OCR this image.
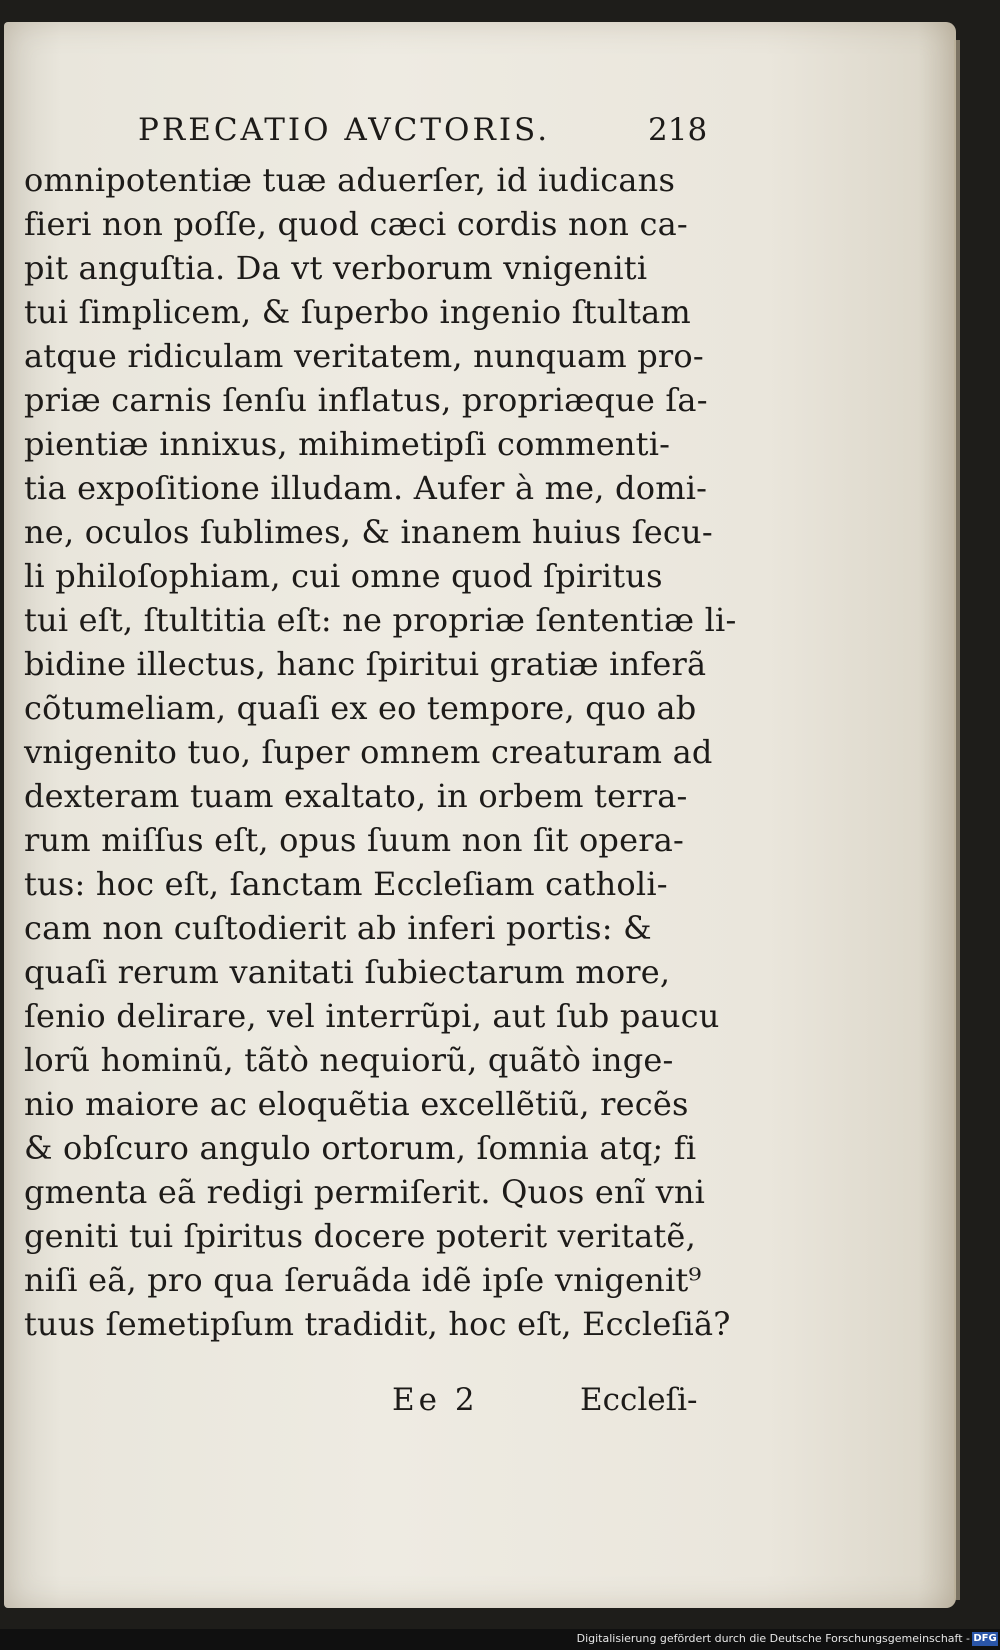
PRECATIO AVCTORIS.	218
omnipotentiæ tuæ aduerſer, id iudicans
fieri non poſſe, quod cæci cordis non ca-
pit anguſtia. Da vt verborum vnigeniti
tui ſimplicem, & ſuperbo ingenio ſtultam
atque ridiculam veritatem, nunquam pro-
priæ carnis ſenſu inflatus, propriæque ſa-
pientiæ innixus, mihimetipſi commenti-
tia expoſitione illudam. Aufer à me, domi-
ne, oculos ſublimes, & inanem huius ſecu-
li philoſophiam, cui omne quod ſpiritus
tui eſt, ſtultitia eſt: ne propriæ ſententiæ li-
bidine illectus, hanc ſpiritui gratiæ inferã
cõtumeliam, quaſi ex eo tempore, quo ab
vnigenito tuo, ſuper omnem creaturam ad
dexteram tuam exaltato, in orbem terra-
rum miſſus eſt, opus ſuum non ſit opera-
tus: hoc eſt, ſanctam Eccleſiam catholi-
cam non cuſtodierit ab inferi portis: &
quaſi rerum vanitati ſubiectarum more,
ſenio delirare, vel interrũpi, aut ſub paucu
lorũ hominũ, tãtò nequiorũ, quãtò inge-
nio maiore ac eloquẽtia excellẽtiũ, recẽs
& obſcuro angulo ortorum, ſomnia atq; fi
gmenta eã redigi permiſerit. Quos enĩ vni
geniti tui ſpiritus docere poterit veritatẽ,
niſi eã, pro qua ſeruãda idẽ ipſe vnigenit⁹
tuus ſemetipſum tradidit, hoc eſt, Eccleſiã?
Ee 2	Eccleſi-
Digitalisierung gefördert durch die Deutsche Forschungsgemeinschaft - DFG
